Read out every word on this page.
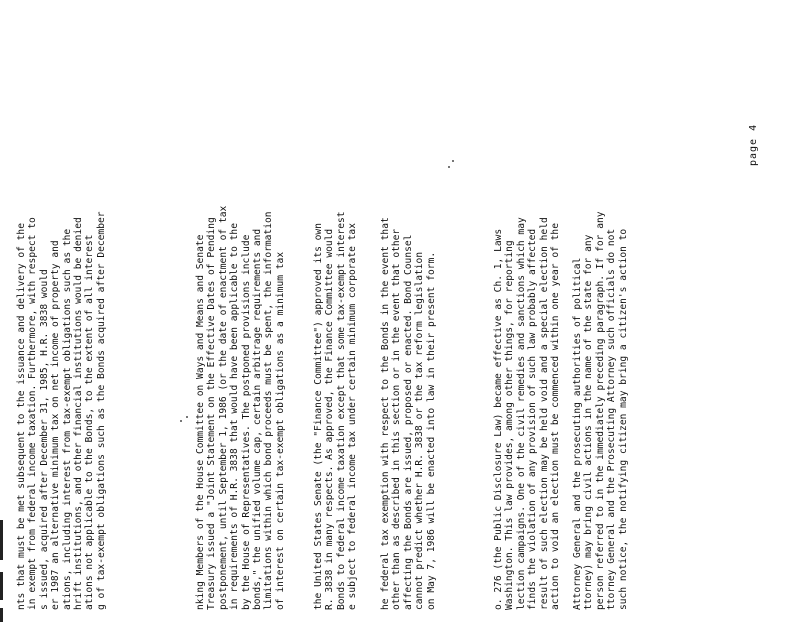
nts that must be met subsequent to the issuance and delivery of the in exempt from federal income taxation. Furthermore, with respect to s issued, acquired after December 31, 1985, H.R. 3838 would er 1987 an alternative minimum tax on net income of property and ations, including interest from tax-exempt obligations such as the hrift institutions, and other financial institutions would be denied ations not applicable to the Bonds, to the extent of all interest g of tax-exempt obligations such as the Bonds acquired after December	nking Members of the House Committee on Ways and Means and Senate Treasury issued a "Joint Statement on the Effective Dates of Pending postponement, until September 1, 1986 (or the date of enactment of tax in requirements of H.R. 3838 that would have been applicable to the by the House of Representatives. The postponed provisions include bonds," the unified volume cap, certain arbitrage requirements and limitations within which bond proceeds must be spent, the information of interest on certain tax-exempt obligations as a minimum tax	the United States Senate (the "Finance Committee") approved its own R. 3838 in many respects. As approved, the Finance Committee would Bonds to federal income taxation except that some tax-exempt interest e subject to federal income tax under certain minimum corporate tax he federal tax exemption with respect to the Bonds in the event that other than as described in this section or in the event that other affecting the Bonds are issued, proposed or enacted. Bond Counsel cannot predict whether H.R. 3838 or the tax reform legislation on May 7, 1986 will be enacted into law in their present form.	o. 276 (the Public Disclosure Law) became effective as Ch. 1, Laws Washington. This law provides, among other things, for reporting lection campaigns. One of the civil remedies and sanctions which may finds the violation of any provision of such law probably affected result of such election may be held void and a special election held action to void an election must be commenced within one year of the Attorney General and the prosecuting authorities of political ttorney) may bring civil actions in the name of the state for any person referred to in the immediately preceding paragraph. If for any ttorney General and the Prosecuting Attorney such officials do not such notice, the notifying citizen may bring a citizen's action to
page 4
